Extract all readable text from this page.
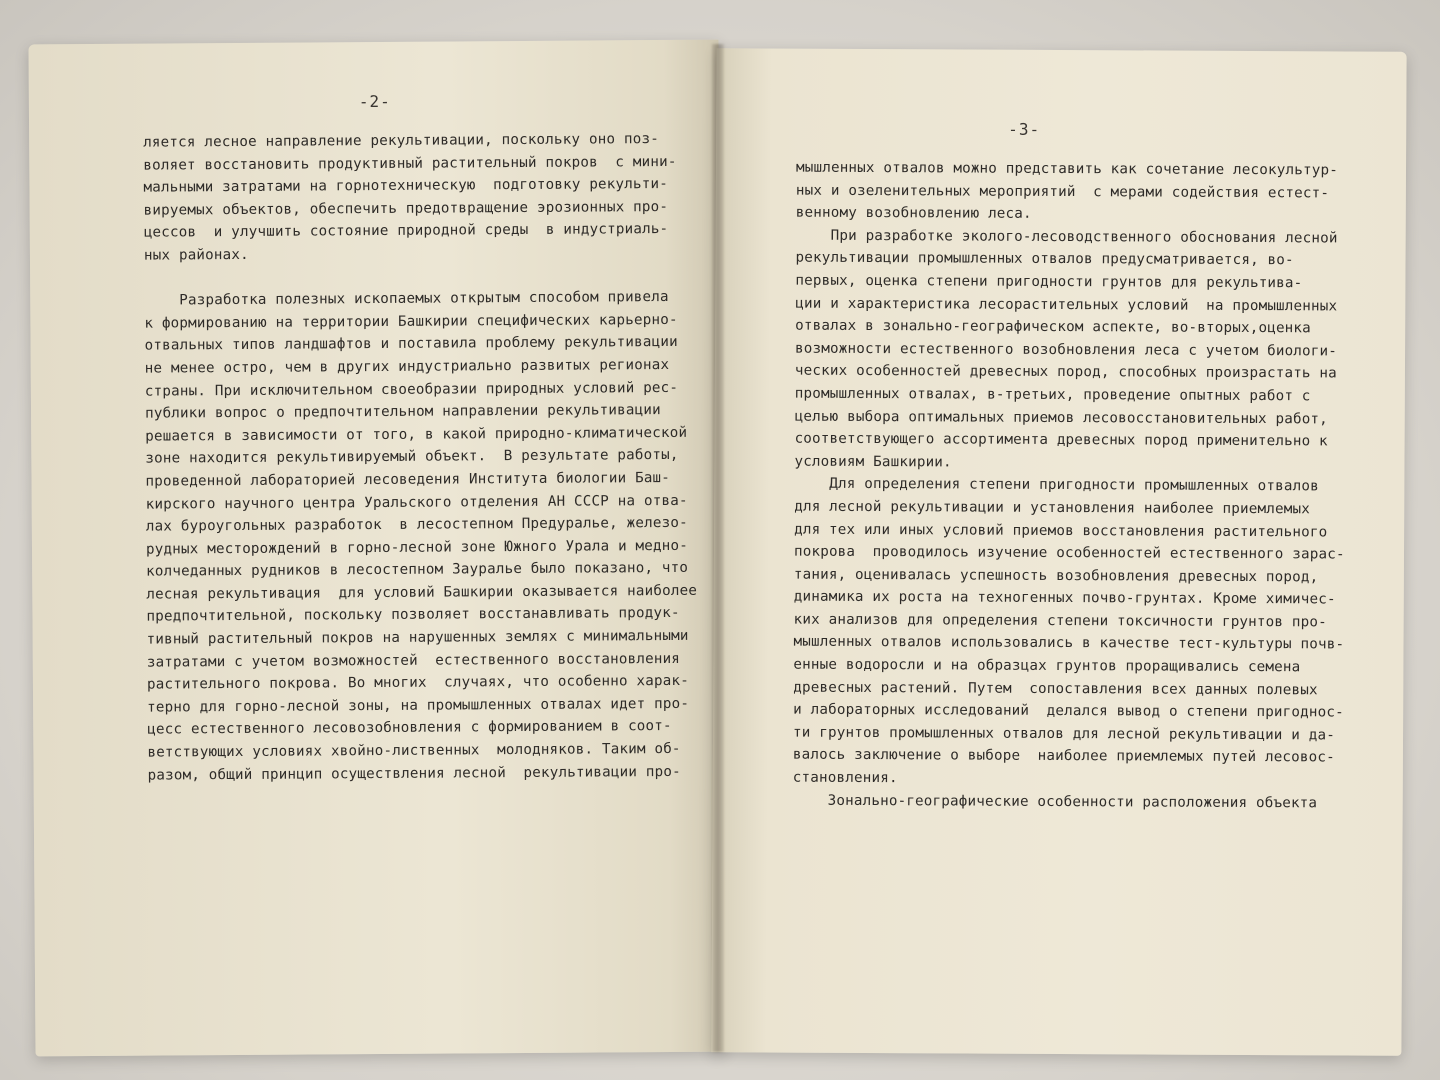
-2-
ляется лесное направление рекультивации, поскольку оно поз-
воляет восстановить продуктивный растительный покров  с мини-
мальными затратами на горнотехническую  подготовку рекульти-
вируемых объектов, обеспечить предотвращение эрозионных про-
цессов  и улучшить состояние природной среды  в индустриаль-
ных районах.
Разработка полезных ископаемых открытым способом привела
к формированию на территории Башкирии специфических карьерно-
отвальных типов ландшафтов и поставила проблему рекультивации
не менее остро, чем в других индустриально развитых регионах
страны. При исключительном своеобразии природных условий рес-
публики вопрос о предпочтительном направлении рекультивации
решается в зависимости от того, в какой природно-климатической
зоне находится рекультивируемый объект.  В результате работы,
проведенной лабораторией лесоведения Института биологии Баш-
кирского научного центра Уральского отделения АН СССР на отва-
лах буроугольных разработок  в лесостепном Предуралье, железо-
рудных месторождений в горно-лесной зоне Южного Урала и медно-
колчеданных рудников в лесостепном Зауралье было показано, что
лесная рекультивация  для условий Башкирии оказывается наиболее
предпочтительной, поскольку позволяет восстанавливать продук-
тивный растительный покров на нарушенных землях с минимальными
затратами с учетом возможностей  естественного восстановления
растительного покрова. Во многих  случаях, что особенно харак-
терно для горно-лесной зоны, на промышленных отвалах идет про-
цесс естественного лесовозобновления с формированием в соот-
ветствующих условиях хвойно-лиственных  молодняков. Таким об-
разом, общий принцип осуществления лесной  рекультивации про-
-3-
мышленных отвалов можно представить как сочетание лесокультур-
ных и озеленительных мероприятий  с мерами содействия естест-
венному возобновлению леса.
При разработке эколого-лесоводственного обоснования лесной
рекультивации промышленных отвалов предусматривается, во-
первых, оценка степени пригодности грунтов для рекультива-
ции и характеристика лесорастительных условий  на промышленных
отвалах в зонально-географическом аспекте, во-вторых,оценка
возможности естественного возобновления леса с учетом биологи-
ческих особенностей древесных пород, способных произрастать на
промышленных отвалах, в-третьих, проведение опытных работ с
целью выбора оптимальных приемов лесовосстановительных работ,
соответствующего ассортимента древесных пород применительно к
условиям Башкирии.
Для определения степени пригодности промышленных отвалов
для лесной рекультивации и установления наиболее приемлемых
для тех или иных условий приемов восстановления растительного
покрова  проводилось изучение особенностей естественного зарас-
тания, оценивалась успешность возобновления древесных пород,
динамика их роста на техногенных почво-грунтах. Кроме химичес-
ких анализов для определения степени токсичности грунтов про-
мышленных отвалов использовались в качестве тест-культуры почв-
енные водоросли и на образцах грунтов проращивались семена
древесных растений. Путем  сопоставления всех данных полевых
и лабораторных исследований  делался вывод о степени пригоднос-
ти грунтов промышленных отвалов для лесной рекультивации и да-
валось заключение о выборе  наиболее приемлемых путей лесовос-
становления.
Зонально-географические особенности расположения объекта
